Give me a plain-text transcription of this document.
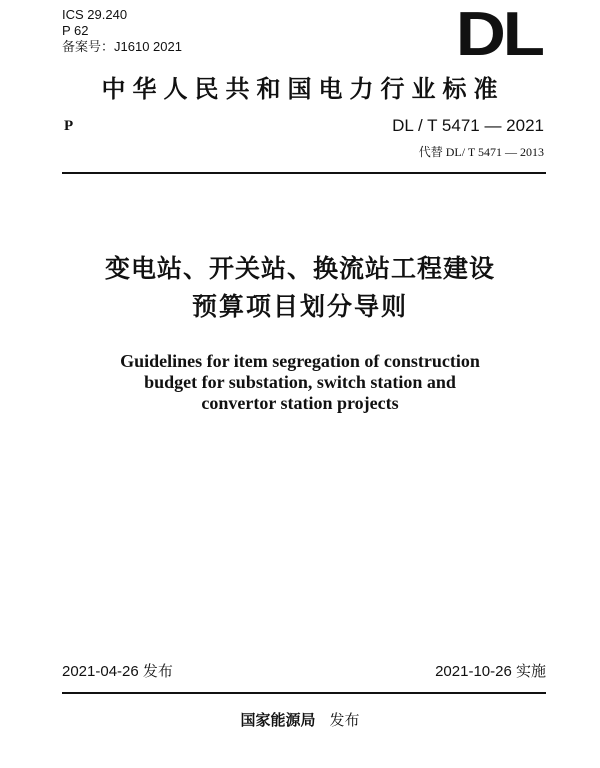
ICS 29.240
P 62
备案号：J1610 2021	DL
中华人民共和国电力行业标准
P	DL / T 5471 — 2021
代替 DL/ T 5471 — 2013
变电站、开关站、换流站工程建设
预算项目划分导则
Guidelines for item segregation of construction
budget for substation, switch station and
convertor station projects
2021-04-26 发布	2021-10-26 实施
国家能源局 发布
